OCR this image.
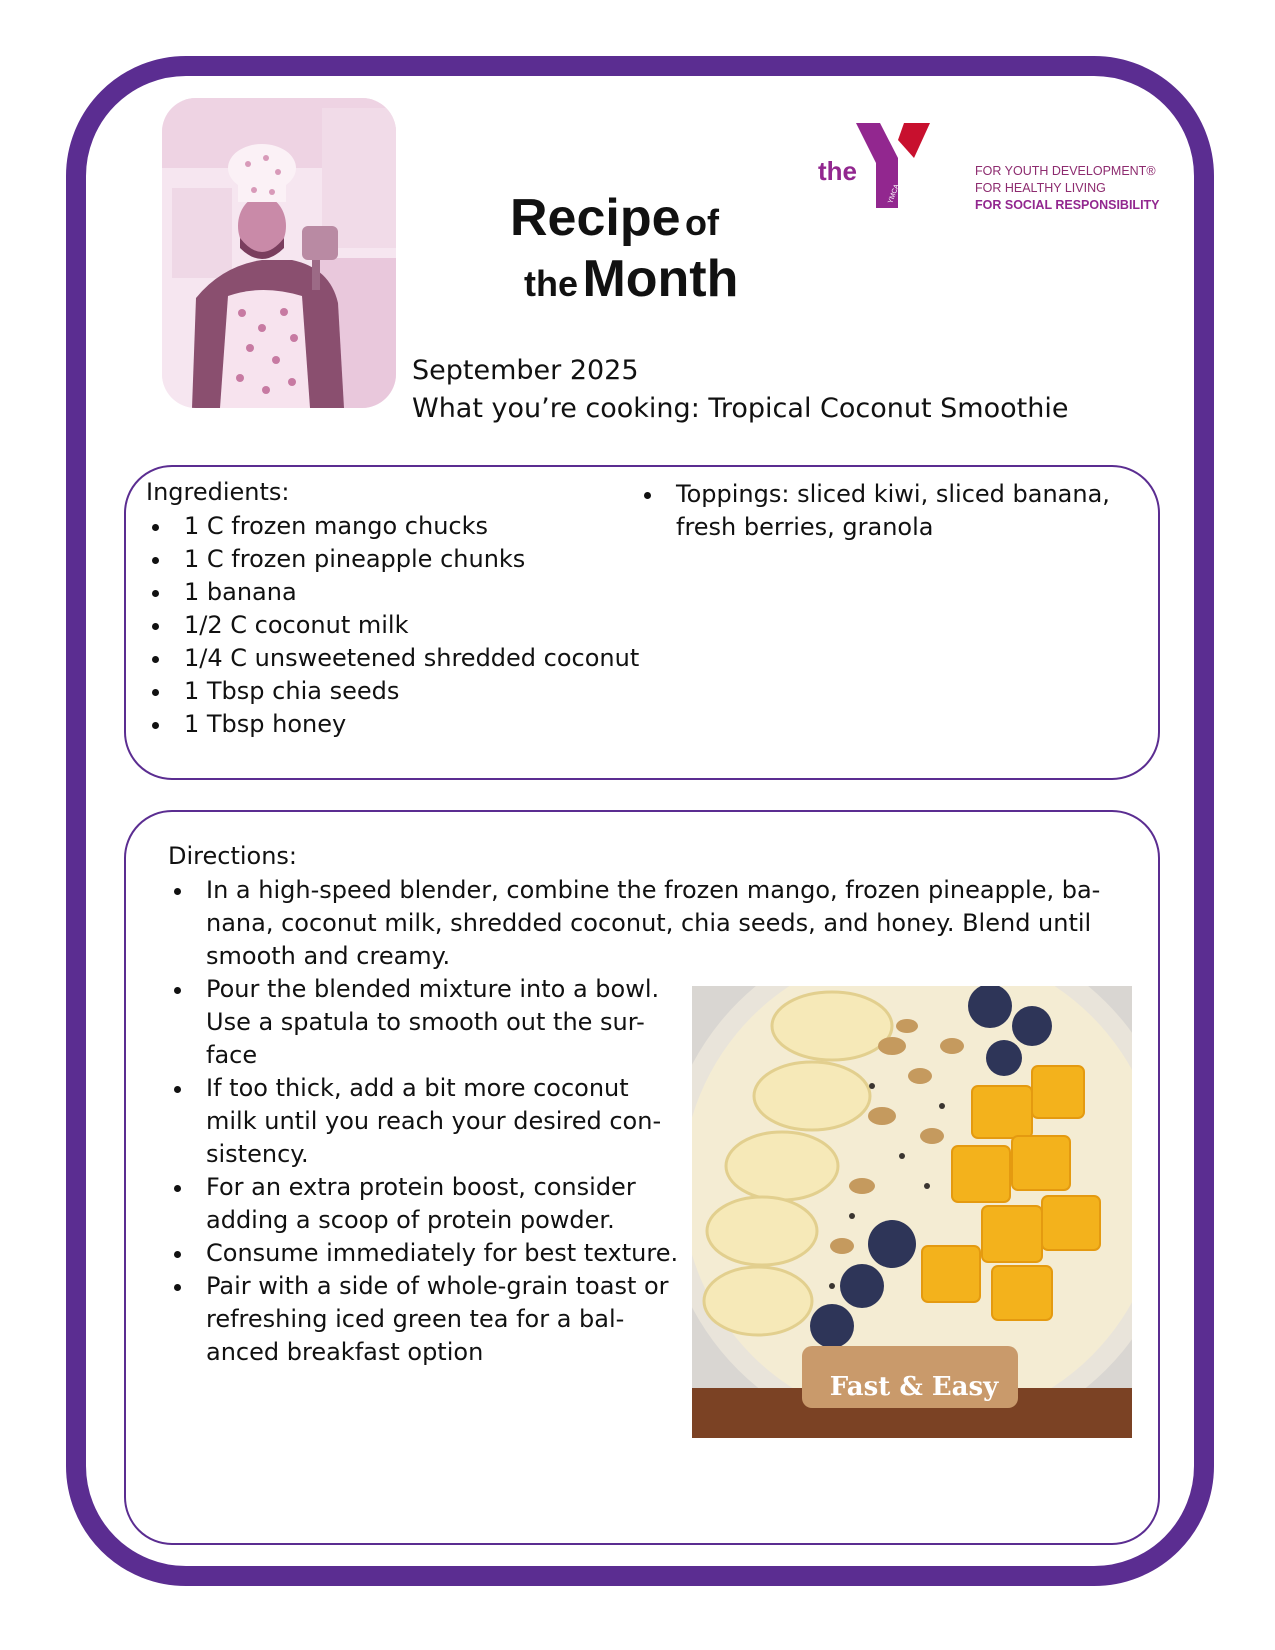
Recipe of
the Month
the
YMCA
FOR YOUTH DEVELOPMENT®
FOR HEALTHY LIVING
FOR SOCIAL RESPONSIBILITY
September 2025
What you’re cooking: Tropical Coconut Smoothie
Ingredients:
1 C frozen mango chucks
1 C frozen pineapple chunks
1 banana
1/2 C coconut milk
1/4 C unsweetened shredded coconut
1 Tbsp chia seeds
1 Tbsp honey
Toppings: sliced kiwi, sliced banana,
fresh berries, granola
Directions:
In a high-speed blender, combine the frozen mango, frozen pineapple, ba-
nana, coconut milk, shredded coconut, chia seeds, and honey. Blend until
smooth and creamy.
Pour the blended mixture into a bowl.
Use a spatula to smooth out the sur-
face
If too thick, add a bit more coconut
milk until you reach your desired con-
sistency.
For an extra protein boost, consider
adding a scoop of protein powder.
Consume immediately for best texture.
Pair with a side of whole-grain toast or
refreshing iced green tea for a bal-
anced breakfast option
Fast & Easy
